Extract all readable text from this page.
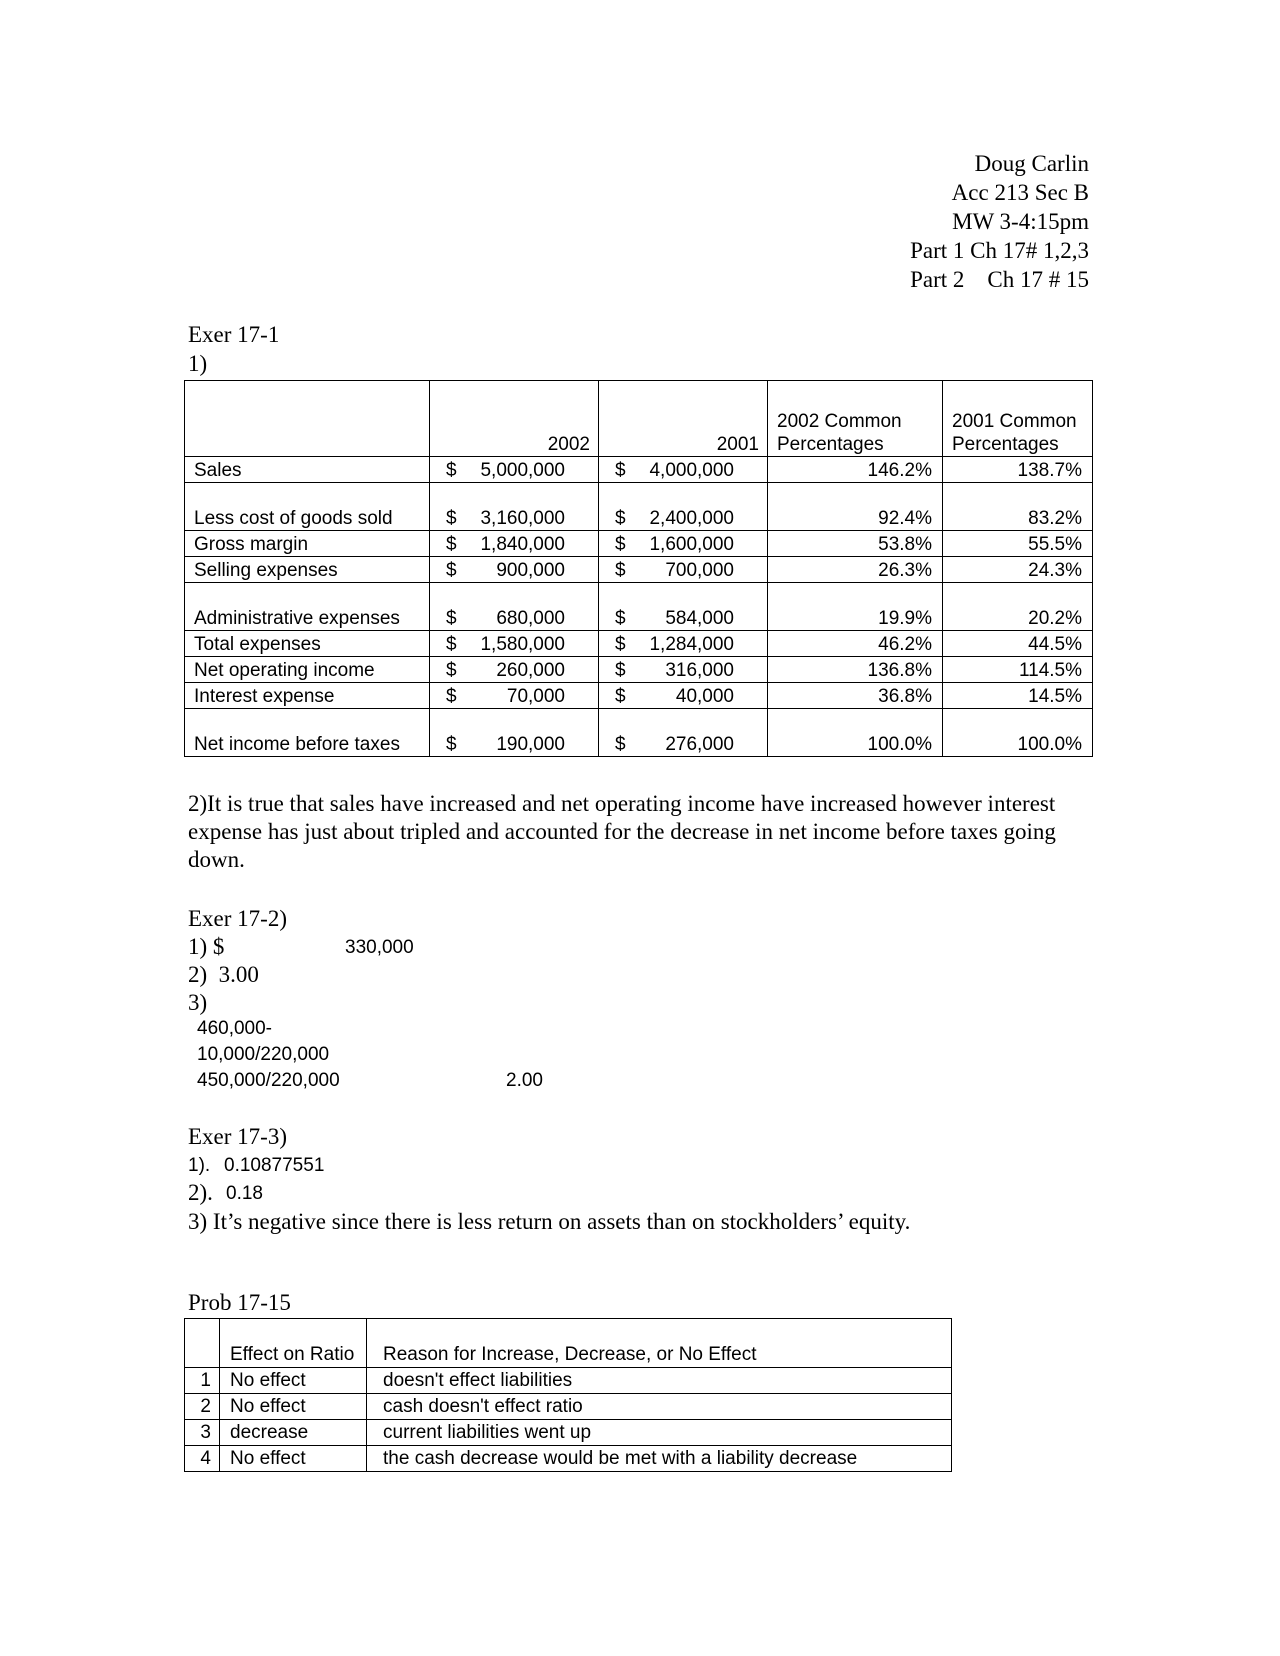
Doug Carlin
Acc 213 Sec B
MW 3-4:15pm
Part 1 Ch 17# 1,2,3
Part 2    Ch 17 # 15
Exer 17-1
1)
	2002	2001	2002 Common Percentages	2001 Common Percentages
Sales	$ 5,000,000	$ 4,000,000	146.2%	138.7%
Less cost of goods sold	$ 3,160,000	$ 2,400,000	92.4%	83.2%
Gross margin	$ 1,840,000	$ 1,600,000	53.8%	55.5%
Selling expenses	$ 900,000	$ 700,000	26.3%	24.3%
Administrative expenses	$ 680,000	$ 584,000	19.9%	20.2%
Total expenses	$ 1,580,000	$ 1,284,000	46.2%	44.5%
Net operating income	$ 260,000	$ 316,000	136.8%	114.5%
Interest expense	$ 70,000	$ 40,000	36.8%	14.5%
Net income before taxes	$ 190,000	$ 276,000	100.0%	100.0%
2)It is true that sales have increased and net operating income have increased however interest expense has just about tripled and accounted for the decrease in net income before taxes going down.
Exer 17-2)
1) $	330,000
2)  3.00
3)
460,000-
10,000/220,000
450,000/220,000	2.00
Exer 17-3)
1). 0.10877551
2). 0.18
3) It’s negative since there is less return on assets than on stockholders’ equity.
Prob 17-15
	Effect on Ratio	Reason for Increase, Decrease, or No Effect
1	No effect	doesn't effect liabilities
2	No effect	cash doesn't effect ratio
3	decrease	current liabilities went up
4	No effect	the cash decrease would be met with a liability decrease
